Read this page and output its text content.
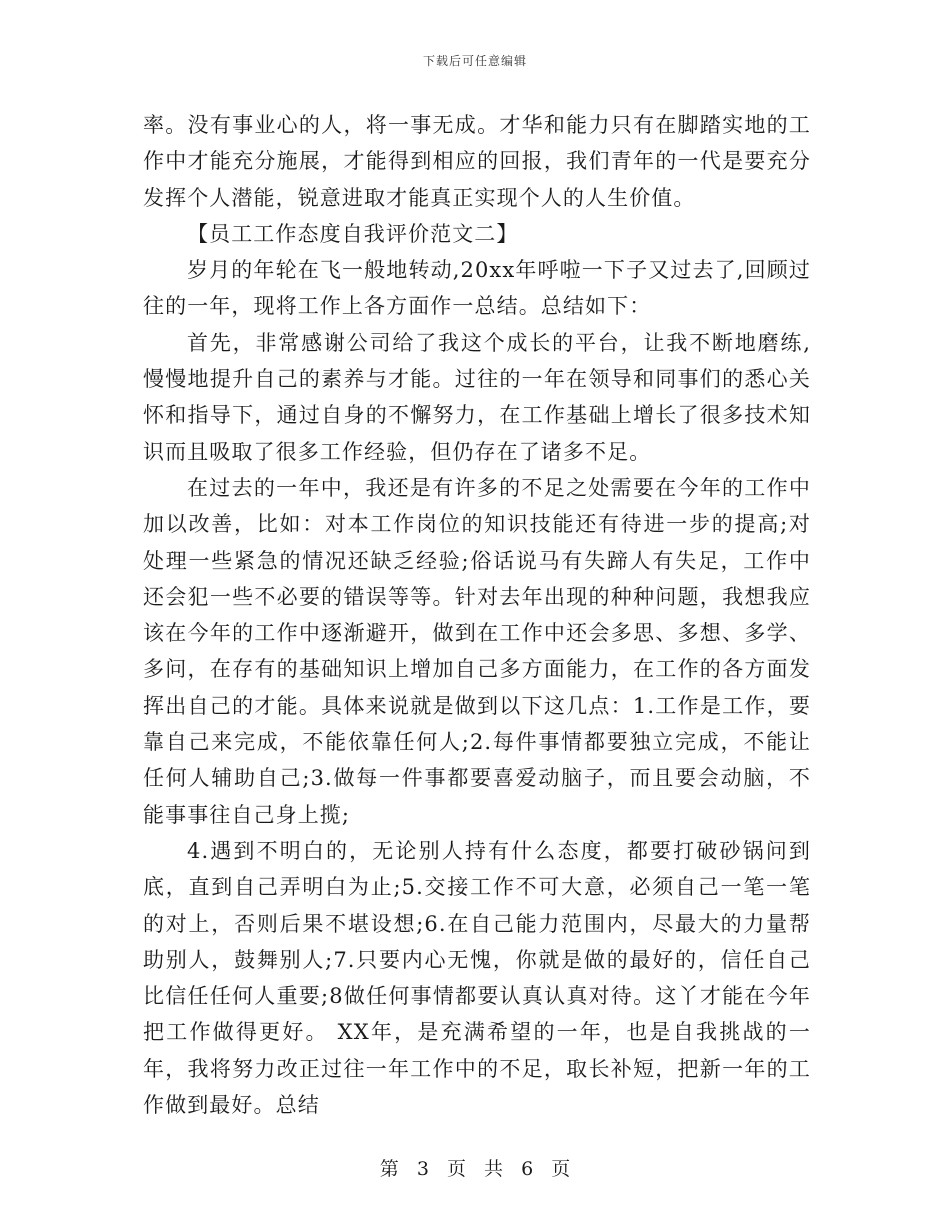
下载后可任意编辑

率。没有事业心的人，将一事无成。才华和能力只有在脚踏实地的工作中才能充分施展，才能得到相应的回报，我们青年的一代是要充分发挥个人潜能，锐意进取才能真正实现个人的人生价值。

【员工工作态度自我评价范文二】

岁月的年轮在飞一般地转动,20xx年呼啦一下子又过去了,回顾过往的一年，现将工作上各方面作一总结。总结如下：

首先，非常感谢公司给了我这个成长的平台，让我不断地磨练,慢慢地提升自己的素养与才能。过往的一年在领导和同事们的悉心关怀和指导下，通过自身的不懈努力，在工作基础上增长了很多技术知识而且吸取了很多工作经验，但仍存在了诸多不足。

在过去的一年中，我还是有许多的不足之处需要在今年的工作中加以改善，比如：对本工作岗位的知识技能还有待进一步的提高;对处理一些紧急的情况还缺乏经验;俗话说马有失蹄人有失足，工作中还会犯一些不必要的错误等等。针对去年出现的种种问题，我想我应该在今年的工作中逐渐避开，做到在工作中还会多思、多想、多学、多问，在存有的基础知识上增加自己多方面能力，在工作的各方面发挥出自己的才能。具体来说就是做到以下这几点：1.工作是工作，要靠自己来完成，不能依靠任何人;2.每件事情都要独立完成，不能让任何人辅助自己;3.做每一件事都要喜爱动脑子，而且要会动脑，不能事事往自己身上揽;

4.遇到不明白的，无论别人持有什么态度，都要打破砂锅问到底，直到自己弄明白为止;5.交接工作不可大意，必须自己一笔一笔的对上，否则后果不堪设想;6.在自己能力范围内，尽最大的力量帮助别人，鼓舞别人;7.只要内心无愧，你就是做的最好的，信任自己比信任任何人重要;8做任何事情都要认真认真对待。这丫才能在今年把工作做得更好。 XX年，是充满希望的一年，也是自我挑战的一年，我将努力改正过往一年工作中的不足，取长补短，把新一年的工作做到最好。总结

第 3 页 共 6 页
